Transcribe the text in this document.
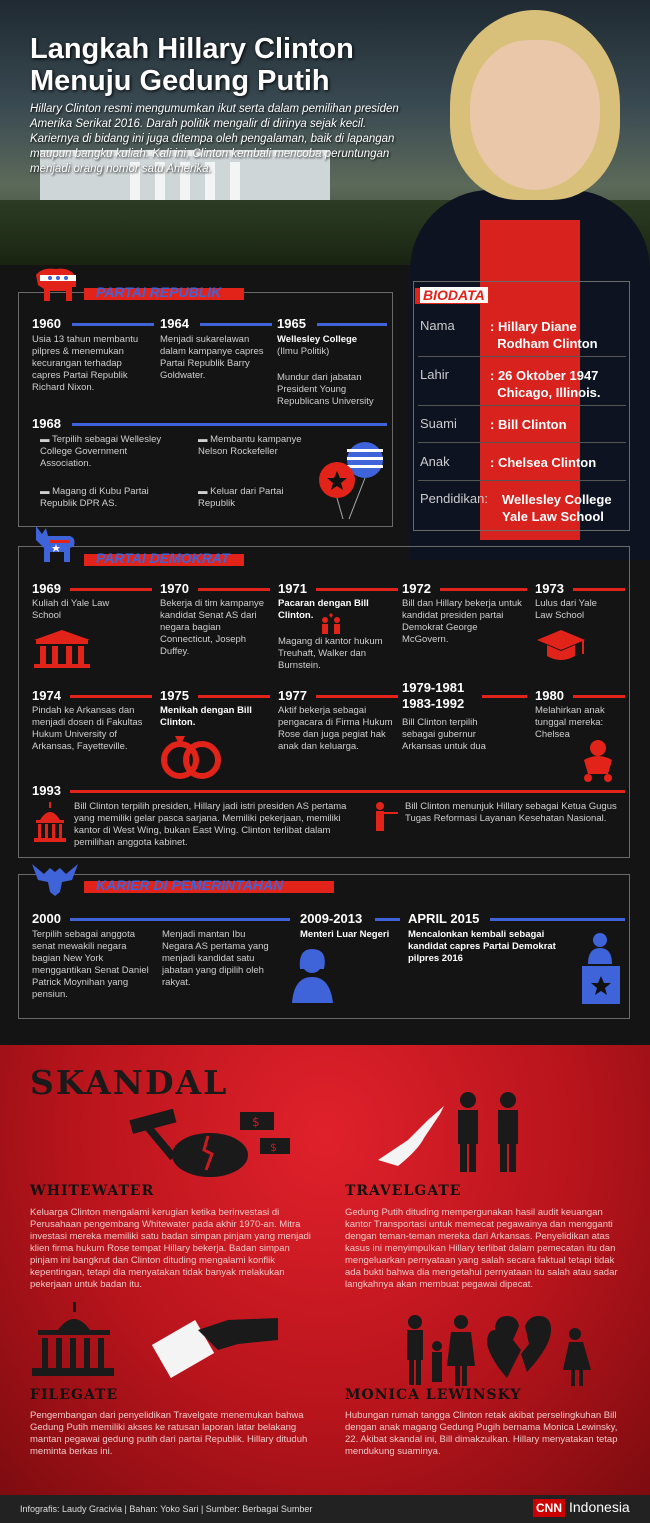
Langkah Hillary Clinton
Menuju Gedung Putih
Hillary Clinton resmi mengumumkan ikut serta dalam pemilihan presiden Amerika Serikat 2016. Darah politik mengalir di dirinya sejak kecil. Kariernya di bidang ini juga ditempa oleh pengalaman, baik di lapangan maupun bangku kuliah. Kali ini, Clinton kembali mencoba peruntungan menjadi orang nomor satu Amerika.
PARTAI REPUBLIK
1960
Usia 13 tahun membantu pilpres & menemukan kecurangan terhadap capres Partai Republik Richard Nixon.
1964
Menjadi sukarelawan dalam kampanye capres Partai Republik Barry Goldwater.
1965
Wellesley College
(Ilmu Politik)
Mundur dari jabatan President Young Republicans University
1968
▬ Terpilih sebagai Wellesley College Government Association.
▬ Membantu kampanye Nelson Rockefeller
▬ Magang di Kubu Partai Republik DPR AS.
▬ Keluar dari Partai Republik
BIODATA
Nama	: Hillary Diane
Rodham Clinton
Lahir	: 26 Oktober 1947
Chicago, Illinois.
Suami	: Bill Clinton
Anak	: Chelsea Clinton
Pendidikan: Wellesley College
Yale Law School
PARTAI DEMOKRAT
1969
Kuliah di Yale Law School
1970
Bekerja di tim kampanye kandidat Senat AS dari negara bagian Connecticut, Joseph Duffey.
1971
Pacaran dengan Bill Clinton.
Magang di kantor hukum Treuhaft, Walker dan Burnstein.
1972
Bill dan Hillary bekerja untuk kandidat presiden partai Demokrat George McGovern.
1973
Lulus dari Yale Law School
1974
Pindah ke Arkansas dan menjadi dosen di Fakultas Hukum University of Arkansas, Fayetteville.
1975
Menikah dengan Bill Clinton.
1977
Aktif bekerja sebagai pengacara di Firma Hukum Rose dan juga pegiat hak anak dan keluarga.
1979-1981
1983-1992
Bill Clinton terpilih sebagai gubernur Arkansas untuk dua
1980
Melahirkan anak tunggal mereka: Chelsea
1993
Bill Clinton terpilih presiden, Hillary jadi istri presiden AS pertama yang memiliki gelar pasca sarjana. Memiliki pekerjaan, memiliki kantor di West Wing, bukan East Wing. Clinton terlibat dalam pemilihan anggota kabinet.
Bill Clinton menunjuk Hillary sebagai Ketua Gugus Tugas Reformasi Layanan Kesehatan Nasional.
KARIER DI PEMERINTAHAN
2000
Terpilih sebagai anggota senat mewakili negara bagian New York menggantikan Senat Daniel Patrick Moynihan yang pensiun.
Menjadi mantan Ibu Negara AS pertama yang menjadi kandidat satu jabatan yang dipilih oleh rakyat.
2009-2013
Menteri Luar Negeri
APRIL 2015
Mencalonkan kembali sebagai kandidat capres Partai Demokrat pilpres 2016
SKANDAL
$
$
WHITEWATER
Keluarga Clinton mengalami kerugian ketika berinvestasi di Perusahaan pengembang Whitewater pada akhir 1970-an. Mitra investasi mereka memiliki satu badan simpan pinjam yang menjadi klien firma hukum Rose tempat Hillary bekerja. Badan simpan pinjam ini bangkrut dan Clinton dituding mengalami konflik kepentingan, tetapi dia menyatakan tidak banyak melakukan pekerjaan untuk badan itu.
TRAVELGATE
Gedung Putih dituding mempergunakan hasil audit keuangan kantor Transportasi untuk memecat pegawainya dan mengganti dengan teman-teman mereka dari Arkansas. Penyelidikan atas kasus ini menyimpulkan Hillary terlibat dalam pemecatan itu dan mengeluarkan pernyataan yang salah secara faktual tetapi tidak ada bukti bahwa dia mengetahui pernyataan itu salah atau sadar langkahnya akan membuat pegawai dipecat.
FILEGATE
Pengembangan dari penyelidikan Travelgate menemukan bahwa Gedung Putih memiliki akses ke ratusan laporan latar belakang mantan pegawai gedung putih dari partai Republik. Hillary dituduh meminta berkas ini.
MONICA LEWINSKY
Hubungan rumah tangga Clinton retak akibat perselingkuhan Bill dengan anak magang Gedung Pugih bernama Monica Lewinsky, 22. Akibat skandal ini, Bill dimakzulkan. Hillary menyatakan tetap mendukung suaminya.
Infografis: Laudy Gracivia | Bahan: Yoko Sari | Sumber: Berbagai Sumber	CNN Indonesia
